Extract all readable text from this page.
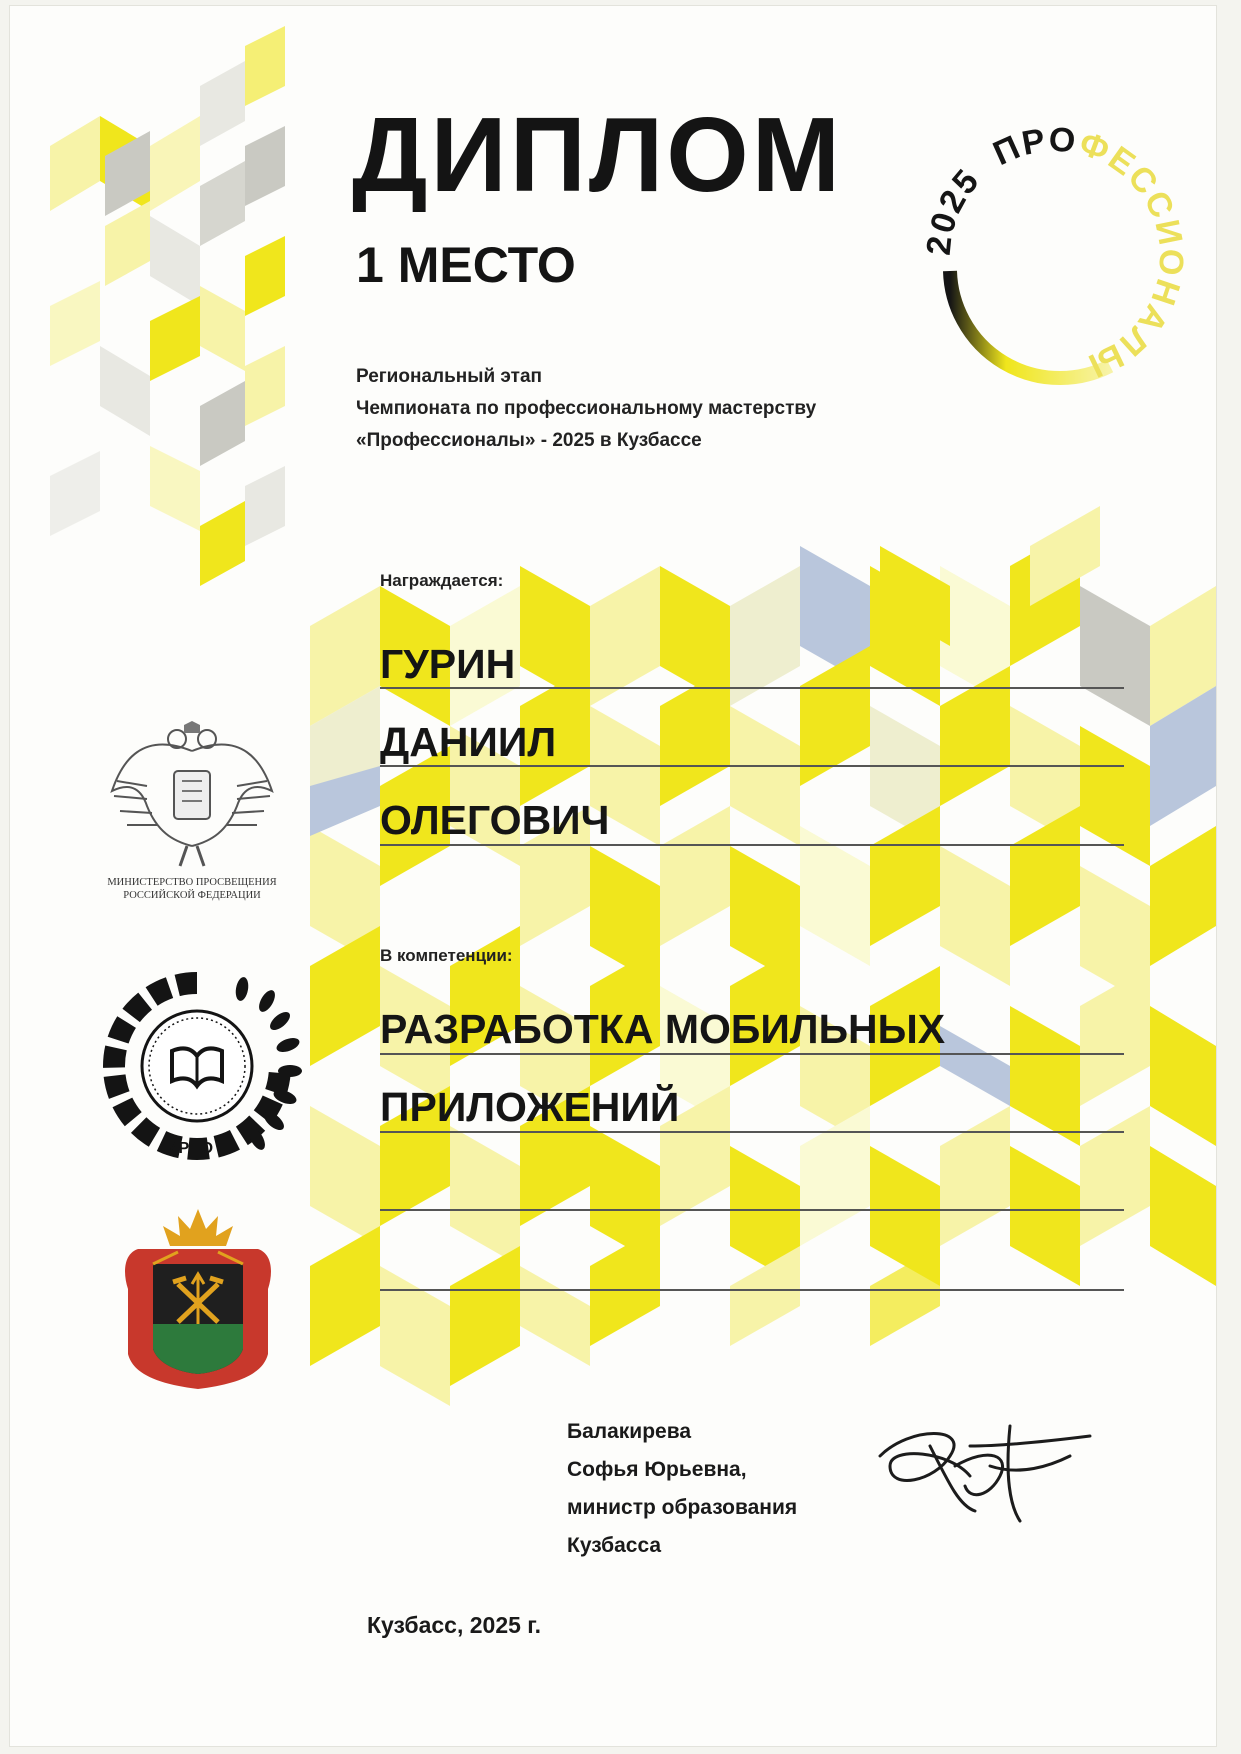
2025 ПРОФЕССИОНАЛЫ
МИНИСТЕРСТВО ПРОСВЕЩЕНИЯ
РОССИЙСКОЙ ФЕДЕРАЦИИ
ИРПО
ДИПЛОМ
1 МЕСТО
Региональный этап
Чемпионата по профессиональному мастерству
«Профессионалы» - 2025 в Кузбассе
Награждается:
ГУРИН
ДАНИИЛ
ОЛЕГОВИЧ
В компетенции:
РАЗРАБОТКА МОБИЛЬНЫХ
ПРИЛОЖЕНИЙ
Балакирева
Софья Юрьевна,
министр образования
Кузбасса
Кузбасс, 2025 г.
